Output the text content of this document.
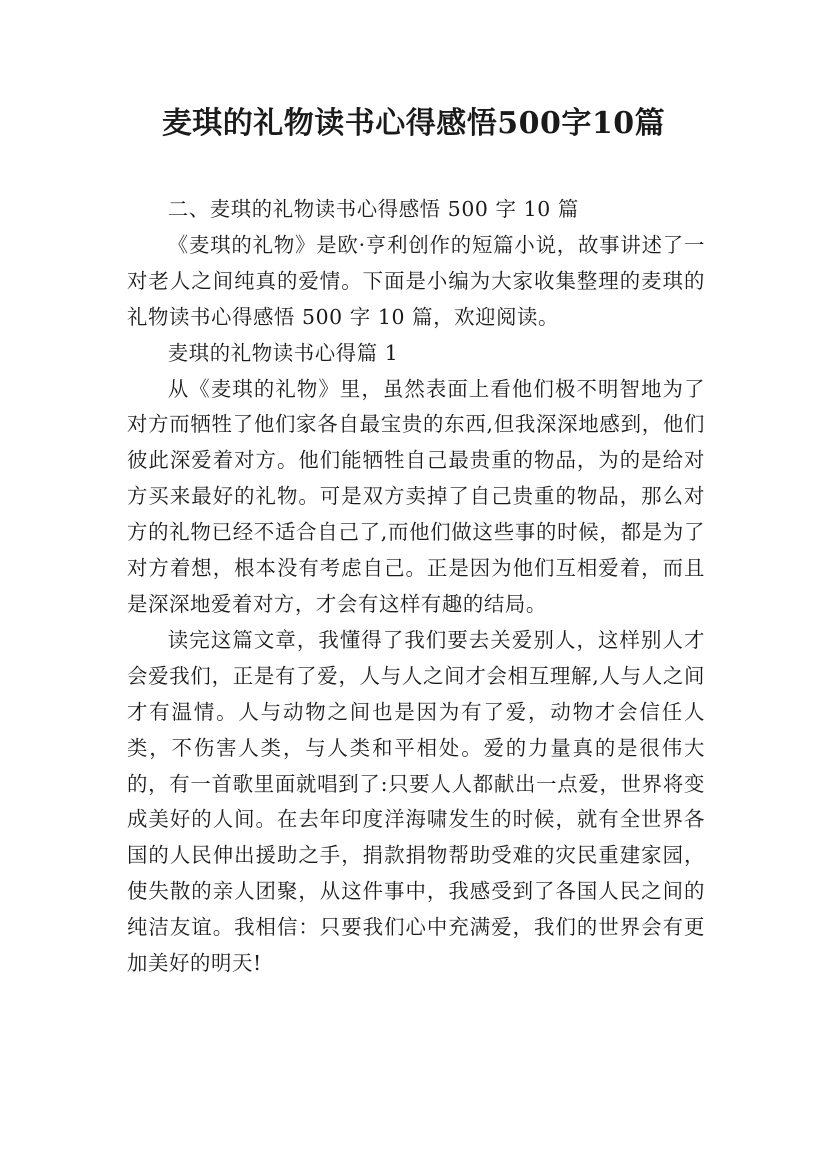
麦琪的礼物读书心得感悟500字10篇

二、麦琪的礼物读书心得感悟 500 字 10 篇

《麦琪的礼物》是欧·亨利创作的短篇小说，故事讲述了一对老人之间纯真的爱情。下面是小编为大家收集整理的麦琪的礼物读书心得感悟 500 字 10 篇，欢迎阅读。

麦琪的礼物读书心得篇 1

从《麦琪的礼物》里，虽然表面上看他们极不明智地为了对方而牺牲了他们家各自最宝贵的东西,但我深深地感到，他们彼此深爱着对方。他们能牺牲自己最贵重的物品，为的是给对方买来最好的礼物。可是双方卖掉了自己贵重的物品，那么对方的礼物已经不适合自己了,而他们做这些事的时候，都是为了对方着想，根本没有考虑自己。正是因为他们互相爱着，而且是深深地爱着对方，才会有这样有趣的结局。

读完这篇文章，我懂得了我们要去关爱别人，这样别人才会爱我们，正是有了爱，人与人之间才会相互理解,人与人之间才有温情。人与动物之间也是因为有了爱，动物才会信任人类，不伤害人类，与人类和平相处。爱的力量真的是很伟大的，有一首歌里面就唱到了:只要人人都献出一点爱，世界将变成美好的人间。在去年印度洋海啸发生的时候，就有全世界各国的人民伸出援助之手，捐款捐物帮助受难的灾民重建家园，使失散的亲人团聚，从这件事中，我感受到了各国人民之间的纯洁友谊。我相信：只要我们心中充满爱，我们的世界会有更加美好的明天!
